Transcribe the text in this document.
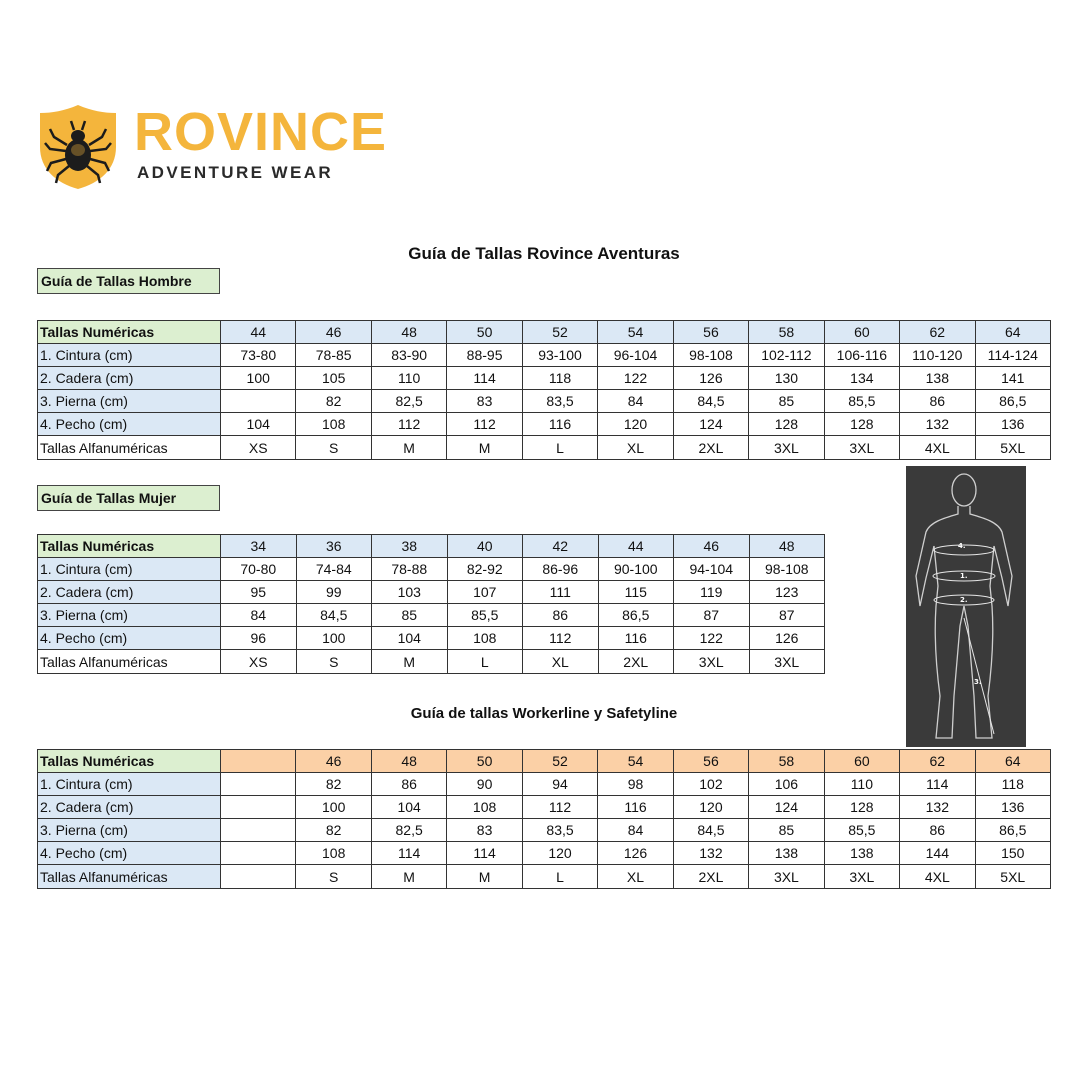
ROVINCE
ADVENTURE WEAR
Guía de Tallas Rovince Aventuras
Guía de Tallas Hombre
Tallas Numéricas	44	46	48	50	52	54	56	58	60	62	64
1. Cintura (cm)	73-80	78-85	83-90	88-95	93-100	96-104	98-108	102-112	106-116	110-120	114-124
2. Cadera (cm)	100	105	110	114	118	122	126	130	134	138	141
3. Pierna (cm)		82	82,5	83	83,5	84	84,5	85	85,5	86	86,5
4. Pecho (cm)	104	108	112	112	116	120	124	128	128	132	136
Tallas Alfanuméricas	XS	S	M	M	L	XL	2XL	3XL	3XL	4XL	5XL
Guía de Tallas Mujer
Tallas Numéricas	34	36	38	40	42	44	46	48
1. Cintura (cm)	70-80	74-84	78-88	82-92	86-96	90-100	94-104	98-108
2. Cadera (cm)	95	99	103	107	111	115	119	123
3. Pierna (cm)	84	84,5	85	85,5	86	86,5	87	87
4. Pecho (cm)	96	100	104	108	112	116	122	126
Tallas Alfanuméricas	XS	S	M	L	XL	2XL	3XL	3XL
4.
1.
2.
3.
Guía de tallas Workerline y Safetyline
Tallas Numéricas		46	48	50	52	54	56	58	60	62	64
1. Cintura (cm)		82	86	90	94	98	102	106	110	114	118
2. Cadera (cm)		100	104	108	112	116	120	124	128	132	136
3. Pierna (cm)		82	82,5	83	83,5	84	84,5	85	85,5	86	86,5
4. Pecho (cm)		108	114	114	120	126	132	138	138	144	150
Tallas Alfanuméricas		S	M	M	L	XL	2XL	3XL	3XL	4XL	5XL
